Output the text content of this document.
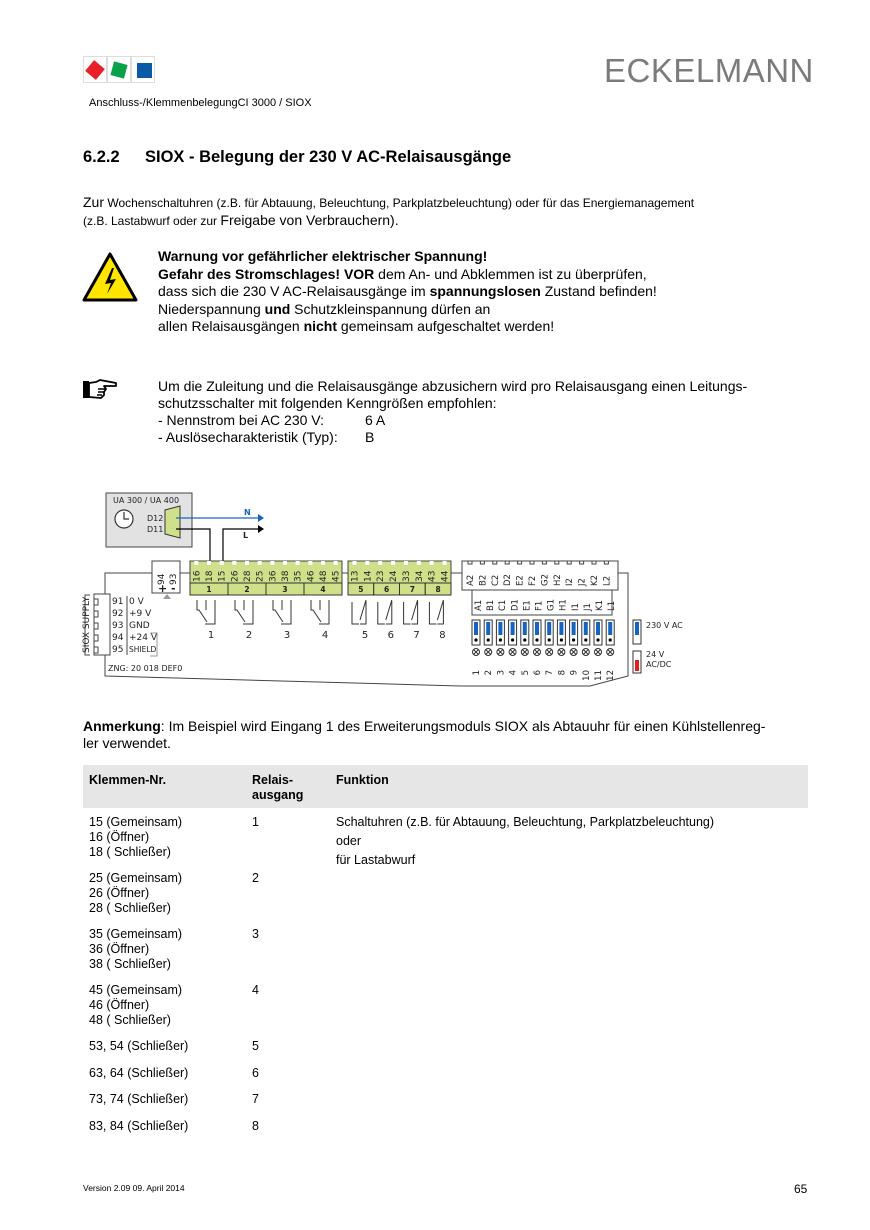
ECKELMANN
Anschluss-/KlemmenbelegungCI 3000 / SIOX
6.2.2 SIOX - Belegung der 230 V AC-Relaisausgänge
Zur Wochenschaltuhren (z.B. für Abtauung, Beleuchtung, Parkplatzbeleuchtung) oder für das Energiemanagement
(z.B. Lastabwurf oder zur Freigabe von Verbrauchern).
Warnung vor gefährlicher elektrischer Spannung!
Gefahr des Stromschlages! VOR dem An- und Abklemmen ist zu überprüfen,
dass sich die 230 V AC-Relaisausgänge im spannungslosen Zustand befinden!
Niederspannung und Schutzkleinspannung dürfen an
allen Relaisausgängen nicht gemeinsam aufgeschaltet werden!
Um die Zuleitung und die Relaisausgänge abzusichern wird pro Relaisausgang einen Leitungs-
schutzsschalter mit folgenden Kenngrößen empfohlen:
- Nennstrom bei AC 230 V:	6 A
- Auslösecharakteristik (Typ): B
UA 300 / UA 400
D12
D11
N
L
94 93
+ -
16 18 15 26 28 25 36 38 35 46 48 45
1	2	3	4
13 14 23 24 33 34 43 44
5	6	7	8
1	2	3	4	5 6 7 8
A2 B2 C2 D2 E2 F2 G2 H2 I2 J2 K2 L2
A1 B1 C1 D1 E1 F1 G1 H1 I1 J1 K1 L1
1 2 3 4 5 6 7 8 9 10 11 12
230 V AC
24 V
AC/DC
SIOX SUPPLY 91 0 V
92 +9 V
93 GND
94 +24 V
95 SHIELD
ZNG: 20 018 DEF0
Anmerkung: Im Beispiel wird Eingang 1 des Erweiterungsmoduls SIOX als Abtauuhr für einen Kühlstellenreg-
ler verwendet.
Klemmen-Nr.	Relais-
ausgang
Funktion
15 (Gemeinsam)
16 (Öffner)
18 ( Schließer)
1	Schaltuhren (z.B. für Abtauung, Beleuchtung, Parkplatzbeleuchtung)
oder
für Lastabwurf
25 (Gemeinsam)
26 (Öffner)
28 ( Schließer)
2
35 (Gemeinsam)
36 (Öffner)
38 ( Schließer)
3
45 (Gemeinsam)
46 (Öffner)
48 ( Schließer)
4
53, 54 (Schließer)	5
63, 64 (Schließer)	6
73, 74 (Schließer)	7
83, 84 (Schließer)	8
Version 2.09 09. April 2014	65
